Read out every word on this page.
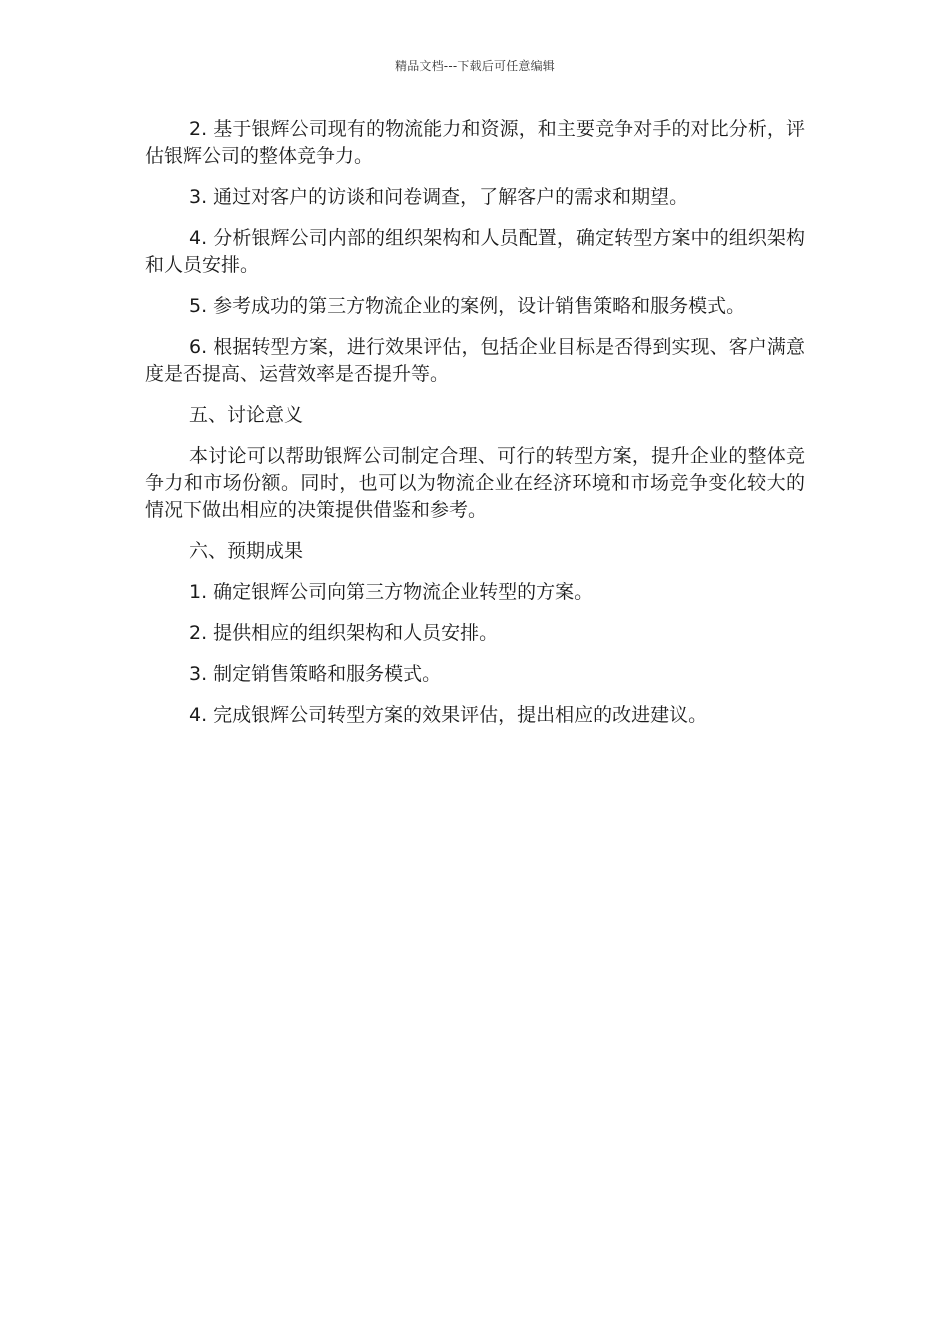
精品文档---下载后可任意编辑

2. 基于银辉公司现有的物流能力和资源，和主要竞争对手的对比分析，评估银辉公司的整体竞争力。

3. 通过对客户的访谈和问卷调查，了解客户的需求和期望。

4. 分析银辉公司内部的组织架构和人员配置，确定转型方案中的组织架构和人员安排。

5. 参考成功的第三方物流企业的案例，设计销售策略和服务模式。

6. 根据转型方案，进行效果评估，包括企业目标是否得到实现、客户满意度是否提高、运营效率是否提升等。

五、讨论意义

本讨论可以帮助银辉公司制定合理、可行的转型方案，提升企业的整体竞争力和市场份额。同时，也可以为物流企业在经济环境和市场竞争变化较大的情况下做出相应的决策提供借鉴和参考。

六、预期成果

1. 确定银辉公司向第三方物流企业转型的方案。

2. 提供相应的组织架构和人员安排。

3. 制定销售策略和服务模式。

4. 完成银辉公司转型方案的效果评估，提出相应的改进建议。
